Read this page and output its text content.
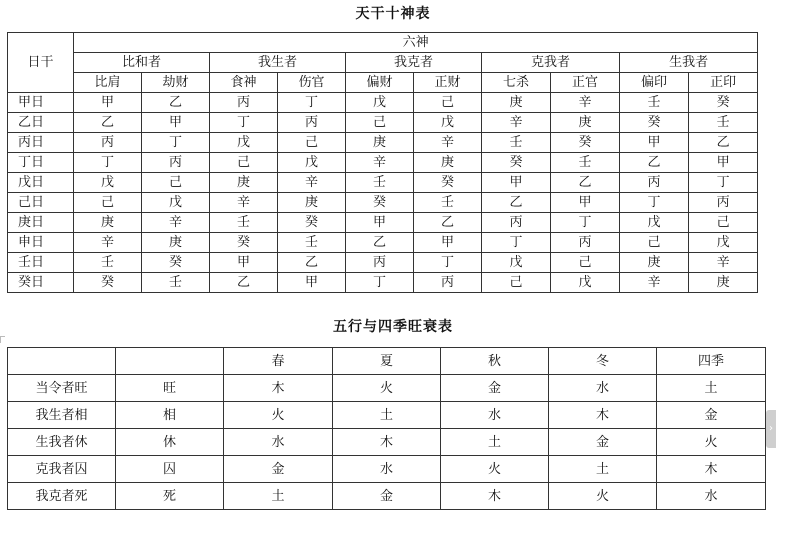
天干十神表
日干	六神									
	比和者		我生者		我克者		克我者		生我者	
	比肩	劫财	食神	伤官	偏财	正财	七杀	正官	偏印	正印
甲日	甲	乙	丙	丁	戊	己	庚	辛	壬	癸
乙日	乙	甲	丁	丙	己	戊	辛	庚	癸	壬
丙日	丙	丁	戊	己	庚	辛	壬	癸	甲	乙
丁日	丁	丙	己	戊	辛	庚	癸	壬	乙	甲
戊日	戊	己	庚	辛	壬	癸	甲	乙	丙	丁
己日	己	戊	辛	庚	癸	壬	乙	甲	丁	丙
庚日	庚	辛	壬	癸	甲	乙	丙	丁	戊	己
申日	辛	庚	癸	壬	乙	甲	丁	丙	己	戊
壬日	壬	癸	甲	乙	丙	丁	戊	己	庚	辛
癸日	癸	壬	乙	甲	丁	丙	己	戊	辛	庚
五行与四季旺衰表
		春	夏	秋	冬	四季
当令者旺	旺	木	火	金	水	土
我生者相	相	火	土	水	木	金
生我者休	休	水	木	土	金	火
克我者囚	囚	金	水	火	土	木
我克者死	死	土	金	木	火	水
›
